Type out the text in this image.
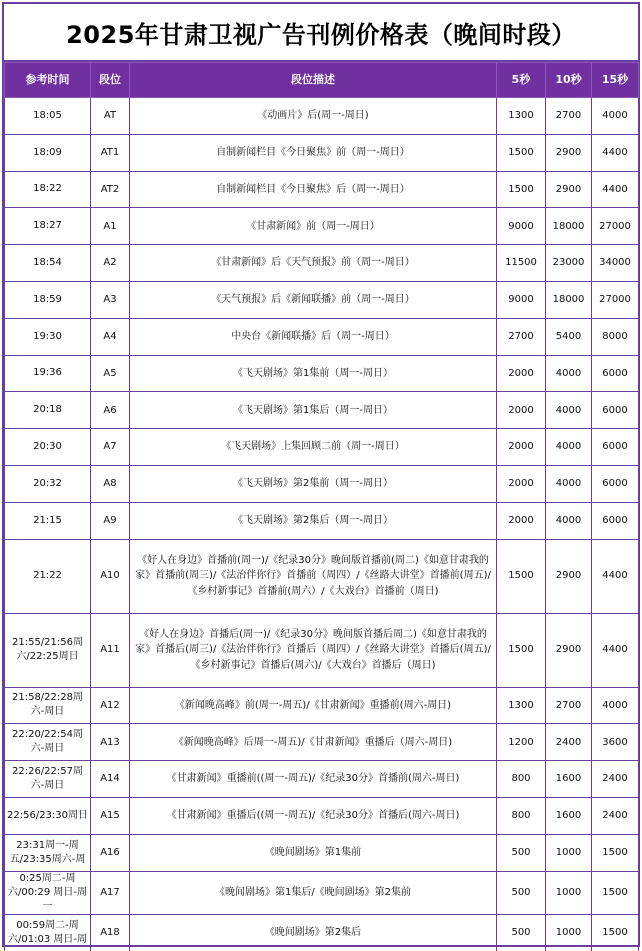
2025年甘肃卫视广告刊例价格表（晚间时段）
参考时间	段位	段位描述	5秒	10秒	15秒
18:05	AT	《动画片》后(周一-周日)	1300	2700	4000
18:09	AT1	自制新闻栏目《今日聚焦》前（周一-周日）	1500	2900	4400
18:22	AT2	自制新闻栏目《今日聚焦》后（周一-周日）	1500	2900	4400
18:27	A1	《甘肃新闻》前（周一-周日）	9000	18000	27000
18:54	A2	《甘肃新闻》后《天气预报》前（周一-周日）	11500	23000	34000
18:59	A3	《天气预报》后《新闻联播》前（周一-周日）	9000	18000	27000
19:30	A4	中央台《新闻联播》后（周一-周日）	2700	5400	8000
19:36	A5	《飞天剧场》第1集前（周一-周日）	2000	4000	6000
20:18	A6	《飞天剧场》第1集后（周一-周日）	2000	4000	6000
20:30	A7	《飞天剧场》上集回顾二前（周一-周日）	2000	4000	6000
20:32	A8	《飞天剧场》第2集前（周一-周日）	2000	4000	6000
21:15	A9	《飞天剧场》第2集后（周一-周日）	2000	4000	6000
21:22	A10	《好人在身边》首播前(周一)/《纪录30分》晚间版首播前(周二)《如意甘肃我的家》首播前(周三)/《法治伴你行》首播前（周四）/《丝路大讲堂》首播前(周五)/《乡村新事记》首播前(周六）/《大戏台》首播前（周日)	1500	2900	4400
21:55/21:56周六/22:25周日	A11	《好人在身边》首播后(周一)/《纪录30分》晚间版首播后周二)《如意甘肃我的家》首播后(周三)/《法治伴你行》首播后（周四）/《丝路大讲堂》首播后(周五)/《乡村新事记》首播后(周六)/《大戏台》首播后（周日)	1500	2900	4400
21:58/22:28周六-周日	A12	《新闻晚高峰》前(周一-周五)/《甘肃新闻》重播前(周六-周日)	1300	2700	4000
22:20/22:54周六-周日	A13	《新闻晚高峰》后周一-周五)/《甘肃新闻》重播后（周六-周日)	1200	2400	3600
22:26/22:57周六-周日	A14	《甘肃新闻》重播前((周一-周五)/《纪录30分》首播前(周六-周日)	800	1600	2400
22:56/23:30周日	A15	《甘肃新闻》重播后((周一-周五)/《纪录30分》首播后(周六-周日)	800	1600	2400
23:31周一-周五/23:35周六-周	A16	《晚间剧场》第1集前	500	1000	1500
0:25周二-周六/00:29 周日-周一	A17	《晚间剧场》第1集后/《晚间剧场》第2集前	500	1000	1500
00:59周二-周六/01:03 周日-周	A18	《晚间剧场》第2集后	500	1000	1500
